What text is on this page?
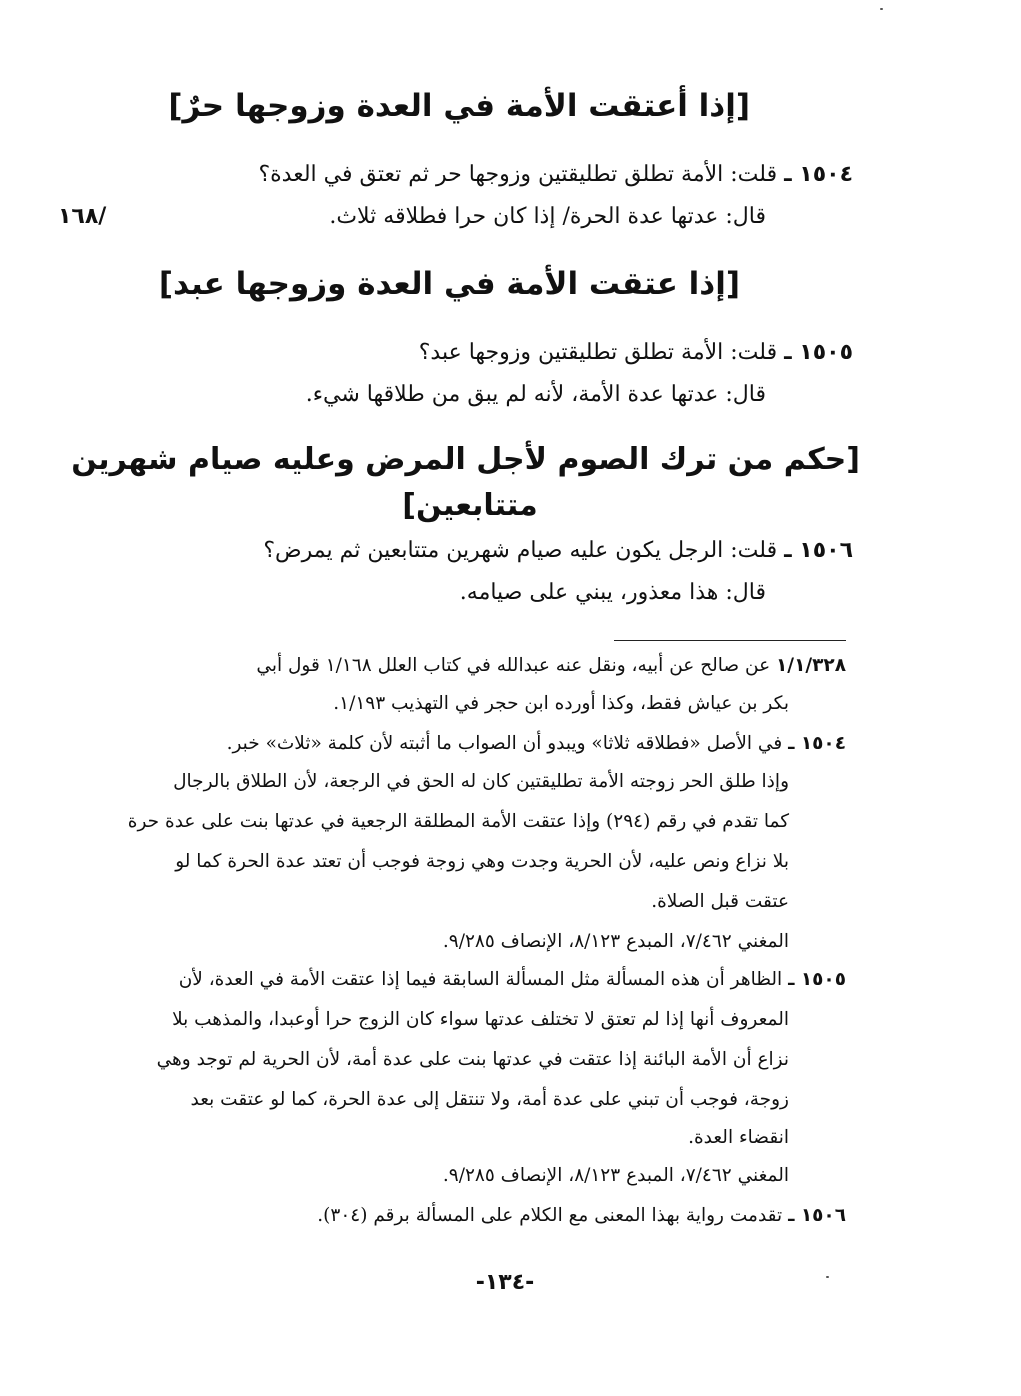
[إذا أعتقت الأمة في العدة وزوجها حرٌ]
١٥٠٤ ـ قلت: الأمة تطلق تطليقتين وزوجها حر ثم تعتق في العدة؟
قال: عدتها عدة الحرة/ إذا كان حرا فطلاقه ثلاث.
١٦٨/
[إذا عتقت الأمة في العدة وزوجها عبد]
١٥٠٥ ـ قلت: الأمة تطلق تطليقتين وزوجها عبد؟
قال: عدتها عدة الأمة، لأنه لم يبق من طلاقها شيء.
[حكم من ترك الصوم لأجل المرض وعليه صيام شهرين
متتابعين]
١٥٠٦ ـ قلت: الرجل يكون عليه صيام شهرين متتابعين ثم يمرض؟
قال: هذا معذور، يبني على صيامه.
١/١/٣٢٨ عن صالح عن أبيه، ونقل عنه عبدالله في كتاب العلل ١/١٦٨ قول أبي
بكر بن عياش فقط، وكذا أورده ابن حجر في التهذيب ١/١٩٣.
١٥٠٤ ـ في الأصل «فطلاقه ثلاثا» ويبدو أن الصواب ما أثبته لأن كلمة «ثلاث» خبر.
وإذا طلق الحر زوجته الأمة تطليقتين كان له الحق في الرجعة، لأن الطلاق بالرجال
كما تقدم في رقم (٢٩٤) وإذا عتقت الأمة المطلقة الرجعية في عدتها بنت على عدة حرة
بلا نزاع ونص عليه، لأن الحرية وجدت وهي زوجة فوجب أن تعتد عدة الحرة كما لو
عتقت قبل الصلاة.
المغني ٧/٤٦٢، المبدع ٨/١٢٣، الإنصاف ٩/٢٨٥.
١٥٠٥ ـ الظاهر أن هذه المسألة مثل المسألة السابقة فيما إذا عتقت الأمة في العدة، لأن
المعروف أنها إذا لم تعتق لا تختلف عدتها سواء كان الزوج حرا أوعبدا، والمذهب بلا
نزاع أن الأمة البائنة إذا عتقت في عدتها بنت على عدة أمة، لأن الحرية لم توجد وهي
زوجة، فوجب أن تبني على عدة أمة، ولا تنتقل إلى عدة الحرة، كما لو عتقت بعد
انقضاء العدة.
المغني ٧/٤٦٢، المبدع ٨/١٢٣، الإنصاف ٩/٢٨٥.
١٥٠٦ ـ تقدمت رواية بهذا المعنى مع الكلام على المسألة برقم (٣٠٤).
-١٣٤-
